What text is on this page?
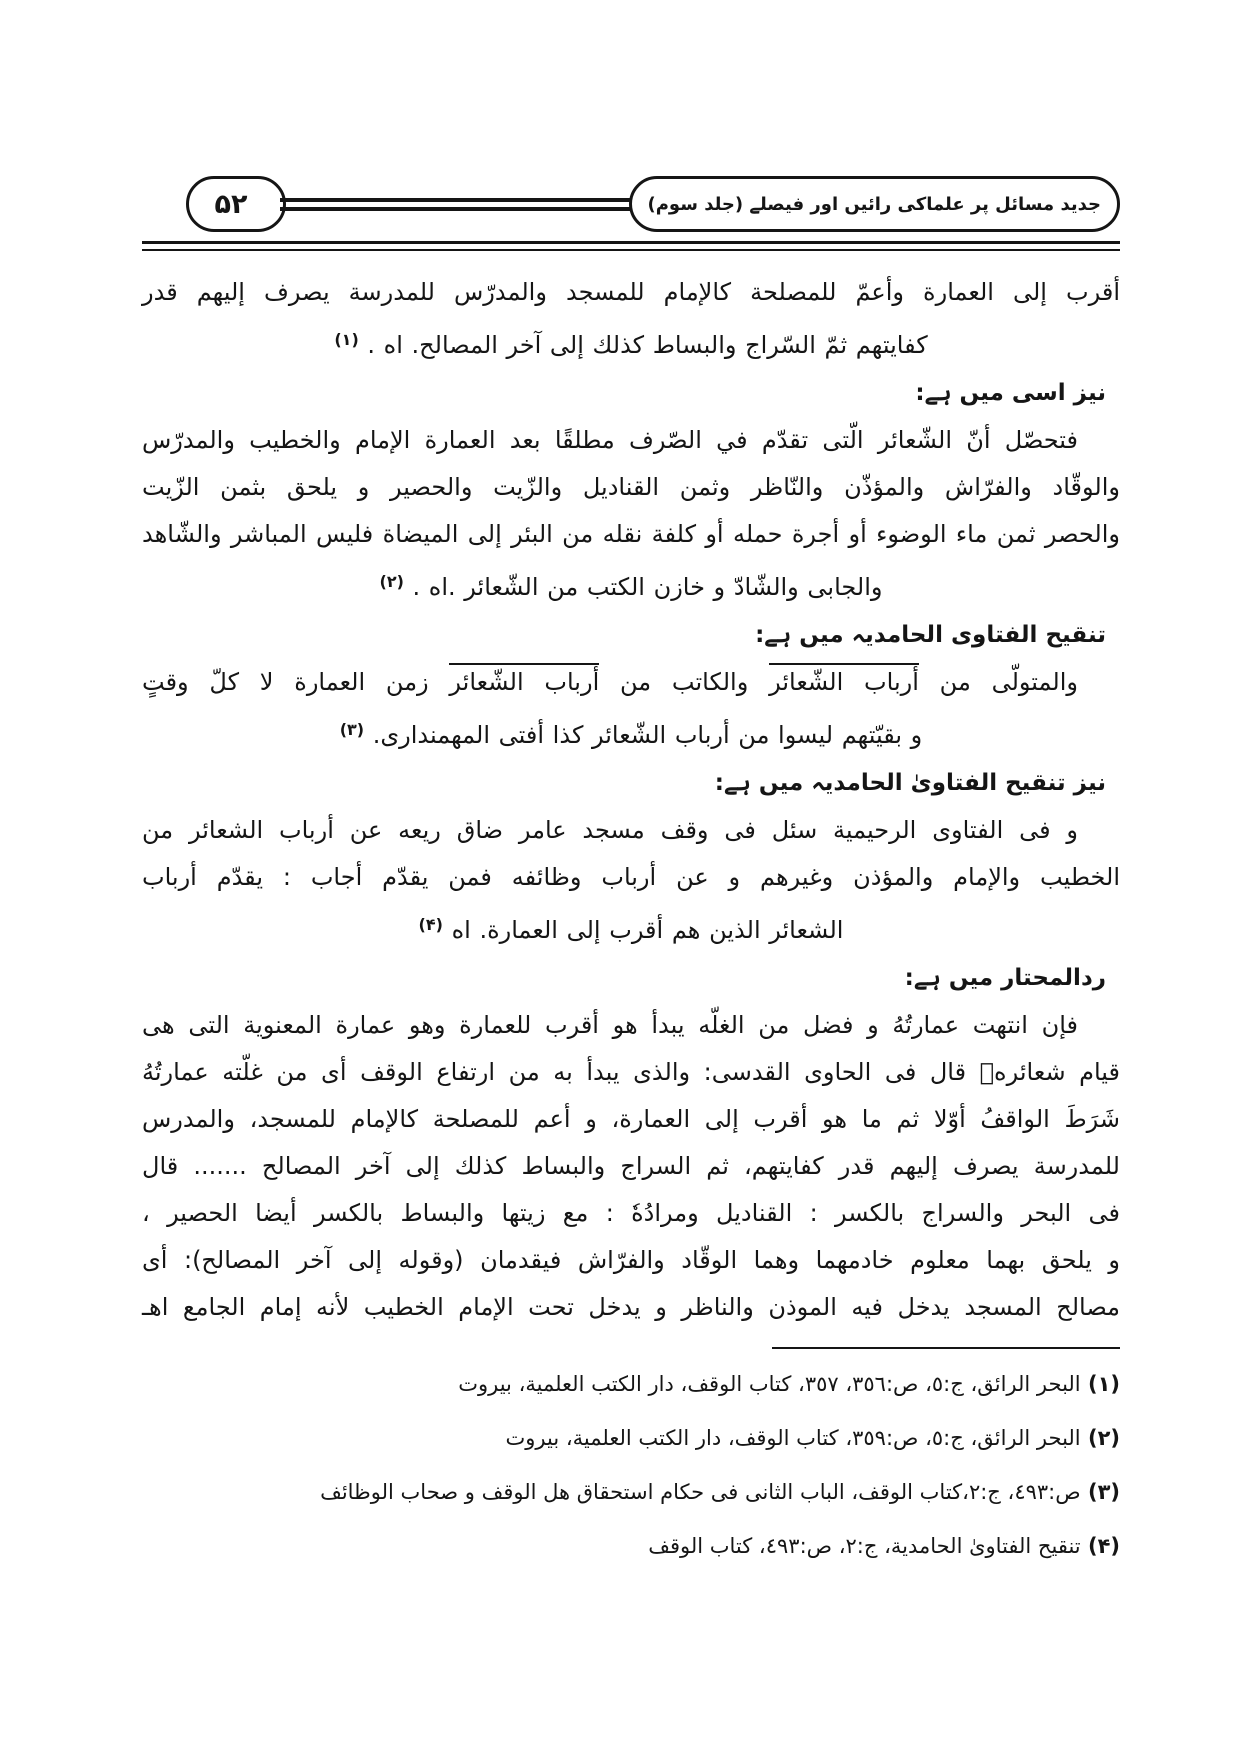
۵۲	جدید مسائل پر علماکی رائیں اور فیصلے (جلد سوم)
أقرب إلى العمارة وأعمّ للمصلحة كالإمام للمسجد والمدرّس للمدرسة يصرف إليهم قدر
كفايتهم ثمّ السّراج والبساط كذلك إلى آخر المصالح. اه . $^{(۱)}$
نیز اسی میں ہے:
فتحصّل أنّ الشّعائر الّتى تقدّم في الصّرف مطلقًا بعد العمارة الإمام والخطيب والمدرّس
والوقّاد والفرّاش والمؤذّن والنّاظر وثمن القناديل والزّيت والحصير و يلحق بثمن الزّيت
والحصر ثمن ماء الوضوء أو أجرة حمله أو كلفة نقله من البئر إلى الميضاة فليس المباشر والشّاهد
والجابى والشّادّ و خازن الكتب من الشّعائر .اه . $^{(۲)}$
تنقیح الفتاوی الحامدیہ میں ہے:
والمتولّى من أرباب الشّعائر والكاتب من أرباب الشّعائر زمن العمارة لا كلّ وقتٍ
و بقيّتهم ليسوا من أرباب الشّعائر كذا أفتى المهمندارى. $^{(۳)}$
نیز تنقیح الفتاویٰ الحامدیہ میں ہے:
و فى الفتاوى الرحيمية سئل فى وقف مسجد عامر ضاق ريعه عن أرباب الشعائر من
الخطيب والإمام والمؤذن وغيرهم و عن أرباب وظائفه فمن يقدّم أجاب : يقدّم أرباب
الشعائر الذين هم أقرب إلى العمارة. اه $^{(۴)}$
ردالمحتار میں ہے:
فإن انتهت عمارتُهُ و فضل من الغلّه يبدأ هو أقرب للعمارة وهو عمارة المعنوية التى هى
قيام شعائرهٖ قال فى الحاوى القدسى: والذى يبدأ به من ارتفاع الوقف أى من غلّته عمارتُهُ
شَرَطَ الواقفُ أوّلا ثم ما هو أقرب إلى العمارة، و أعم للمصلحة كالإمام للمسجد، والمدرس
للمدرسة يصرف إليهم قدر كفايتهم، ثم السراج والبساط كذلك إلى آخر المصالح ....... قال
فى البحر والسراج بالكسر : القناديل ومرادُهٗ : مع زيتها والبساط بالكسر أيضا الحصير ،
و يلحق بهما معلوم خادمهما وهما الوقّاد والفرّاش فيقدمان (وقوله إلى آخر المصالح): أى
مصالح المسجد يدخل فيه الموذن والناظر و يدخل تحت الإمام الخطيب لأنه إمام الجامع اهـ
(۱) البحر الرائق، ج:٥، ص:٣٥٦، ٣٥٧، كتاب الوقف، دار الكتب العلمية، بيروت
(۲) البحر الرائق، ج:٥، ص:٣٥٩، كتاب الوقف، دار الكتب العلمية، بيروت
(۳) ص:٤٩٣، ج:٢،كتاب الوقف، الباب الثانى فى حكام استحقاق هل الوقف و صحاب الوظائف
(۴) تنقيح الفتاوىٰ الحامدية، ج:٢، ص:٤٩٣، كتاب الوقف
